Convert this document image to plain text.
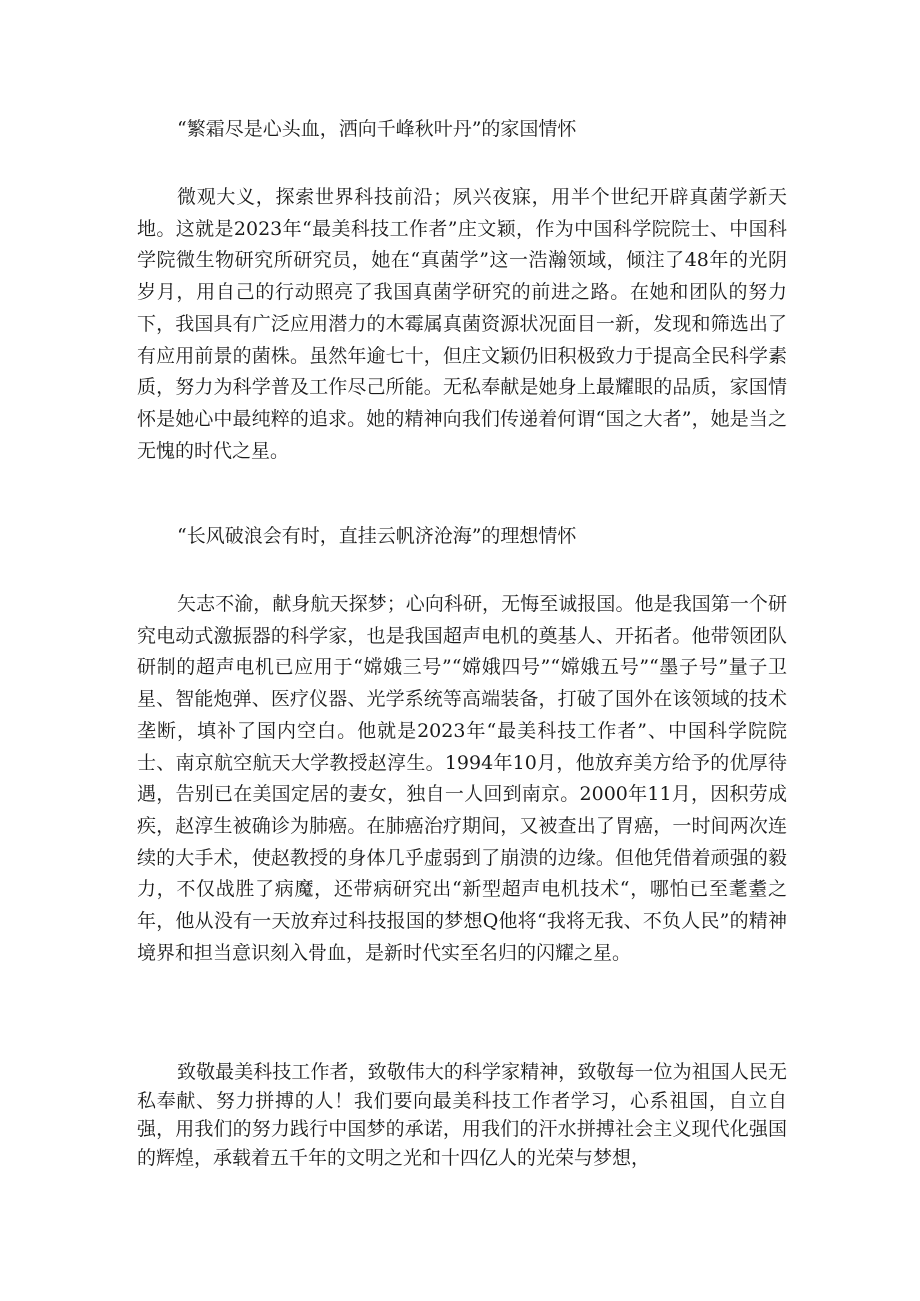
“繁霜尽是心头血，洒向千峰秋叶丹”的家国情怀

微观大义，探索世界科技前沿；夙兴夜寐，用半个世纪开辟真菌学新天地。这就是2023年“最美科技工作者”庄文颖，作为中国科学院院士、中国科学院微生物研究所研究员，她在“真菌学”这一浩瀚领域，倾注了48年的光阴岁月，用自己的行动照亮了我国真菌学研究的前进之路。在她和团队的努力下，我国具有广泛应用潜力的木霉属真菌资源状况面目一新，发现和筛选出了有应用前景的菌株。虽然年逾七十，但庄文颖仍旧积极致力于提高全民科学素质，努力为科学普及工作尽己所能。无私奉献是她身上最耀眼的品质，家国情怀是她心中最纯粹的追求。她的精神向我们传递着何谓“国之大者”，她是当之无愧的时代之星。

“长风破浪会有时，直挂云帆济沧海”的理想情怀

矢志不渝，献身航天探梦；心向科研，无悔至诚报国。他是我国第一个研究电动式激振器的科学家，也是我国超声电机的奠基人、开拓者。他带领团队研制的超声电机已应用于“嫦娥三号”“嫦娥四号”“嫦娥五号”“墨子号”量子卫星、智能炮弹、医疗仪器、光学系统等高端装备，打破了国外在该领域的技术垄断，填补了国内空白。他就是2023年“最美科技工作者”、中国科学院院士、南京航空航天大学教授赵淳生。1994年10月，他放弃美方给予的优厚待遇，告别已在美国定居的妻女，独自一人回到南京。2000年11月，因积劳成疾，赵淳生被确诊为肺癌。在肺癌治疗期间，又被查出了胃癌，一时间两次连续的大手术，使赵教授的身体几乎虚弱到了崩溃的边缘。但他凭借着顽强的毅力，不仅战胜了病魔，还带病研究出“新型超声电机技术“，哪怕已至耄耋之年，他从没有一天放弃过科技报国的梦想Q他将“我将无我、不负人民”的精神境界和担当意识刻入骨血，是新时代实至名归的闪耀之星。

致敬最美科技工作者，致敬伟大的科学家精神，致敬每一位为祖国人民无私奉献、努力拼搏的人！我们要向最美科技工作者学习，心系祖国，自立自强，用我们的努力践行中国梦的承诺，用我们的汗水拼搏社会主义现代化强国的辉煌，承载着五千年的文明之光和十四亿人的光荣与梦想，
